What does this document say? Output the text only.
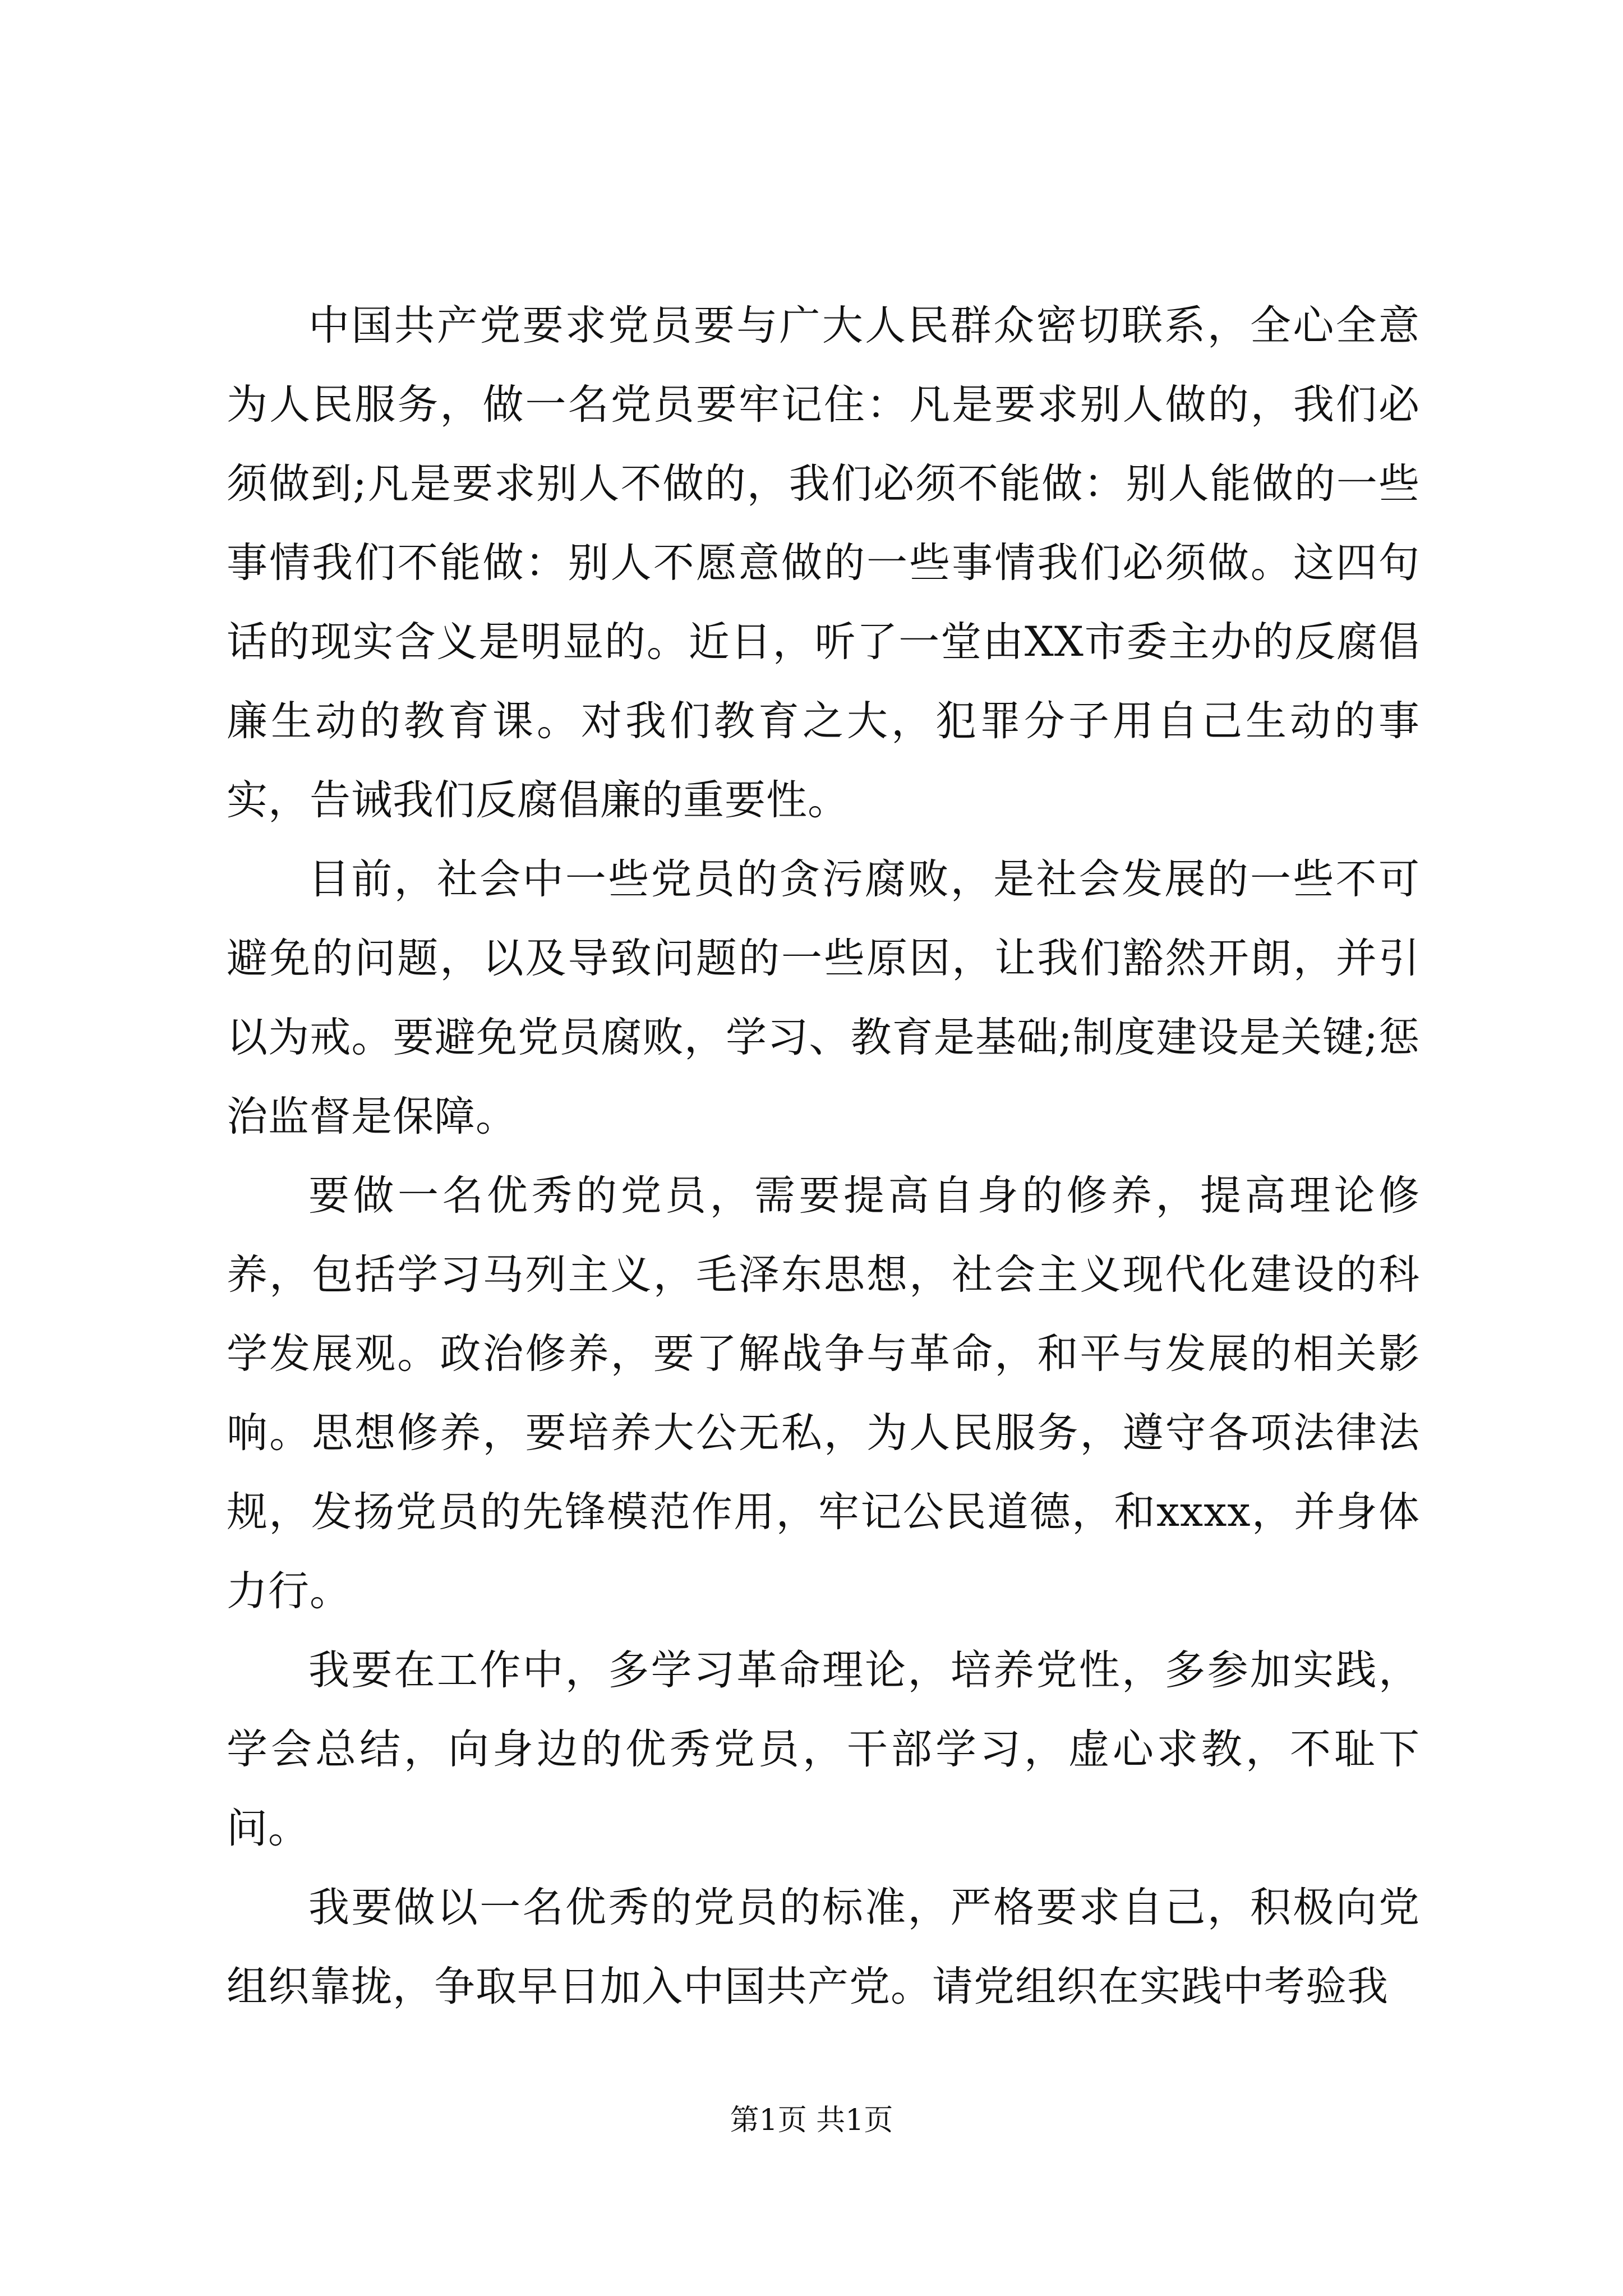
中国共产党要求党员要与广大人民群众密切联系，全心全意为人民服务，做一名党员要牢记住：凡是要求别人做的，我们必须做到;凡是要求别人不做的，我们必须不能做：别人能做的一些事情我们不能做：别人不愿意做的一些事情我们必须做。这四句话的现实含义是明显的。近日，听了一堂由XX市委主办的反腐倡廉生动的教育课。对我们教育之大，犯罪分子用自己生动的事实，告诫我们反腐倡廉的重要性。

目前，社会中一些党员的贪污腐败，是社会发展的一些不可避免的问题，以及导致问题的一些原因，让我们豁然开朗，并引以为戒。要避免党员腐败，学习、教育是基础;制度建设是关键;惩治监督是保障。

要做一名优秀的党员，需要提高自身的修养，提高理论修养，包括学习马列主义，毛泽东思想，社会主义现代化建设的科学发展观。政治修养，要了解战争与革命，和平与发展的相关影响。思想修养，要培养大公无私，为人民服务，遵守各项法律法规，发扬党员的先锋模范作用，牢记公民道德，和xxxx，并身体力行。

我要在工作中，多学习革命理论，培养党性，多参加实践，学会总结，向身边的优秀党员，干部学习，虚心求教，不耻下问。

我要做以一名优秀的党员的标准，严格要求自己，积极向党组织靠拢，争取早日加入中国共产党。请党组织在实践中考验我

第1页 共1页
